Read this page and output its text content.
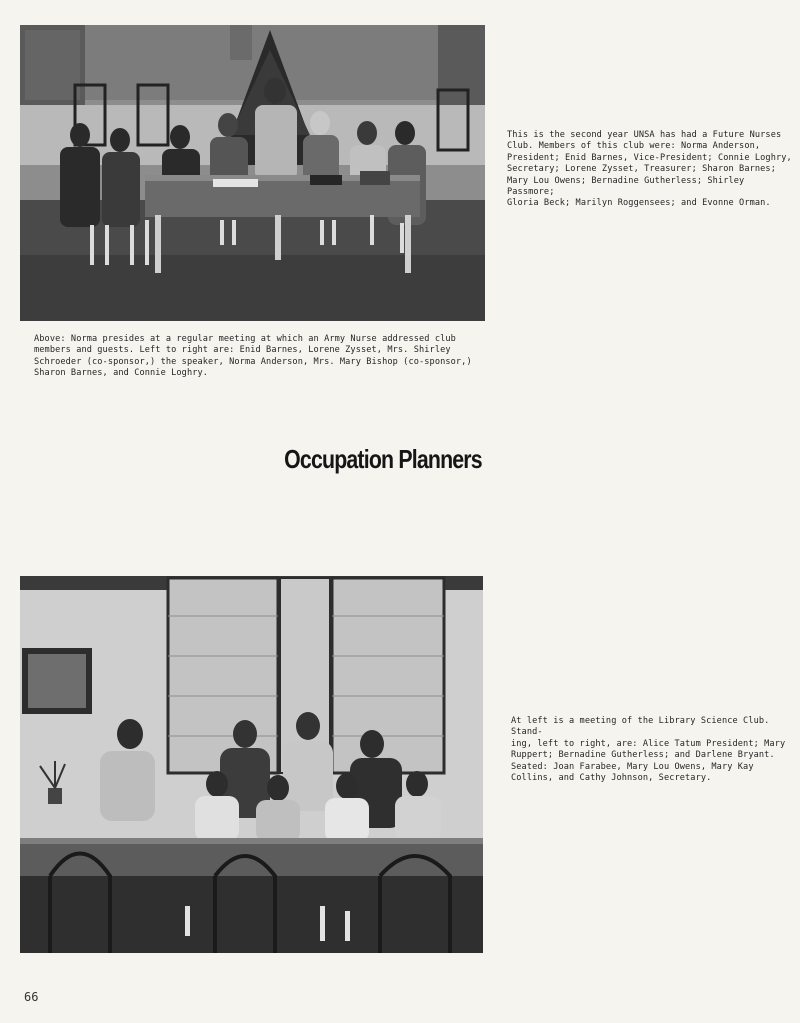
This is the second year UNSA has had a Future Nurses
Club. Members of this club were: Norma Anderson,
President; Enid Barnes, Vice-President; Connie Loghry,
Secretary; Lorene Zysset, Treasurer; Sharon Barnes;
Mary Lou Owens; Bernadine Gutherless; Shirley Passmore;
Gloria Beck; Marilyn Roggensees; and Evonne Orman.
Above: Norma presides at a regular meeting at which an Army Nurse addressed club
members and guests. Left to right are: Enid Barnes, Lorene Zysset, Mrs. Shirley
Schroeder (co-sponsor,) the speaker, Norma Anderson, Mrs. Mary Bishop (co-sponsor,)
Sharon Barnes, and Connie Loghry.
Occupation Planners
At left is a meeting of the Library Science Club. Stand-
ing, left to right, are: Alice Tatum President; Mary
Ruppert; Bernadine Gutherless; and Darlene Bryant.
Seated: Joan Farabee, Mary Lou Owens, Mary Kay
Collins, and Cathy Johnson, Secretary.
66
